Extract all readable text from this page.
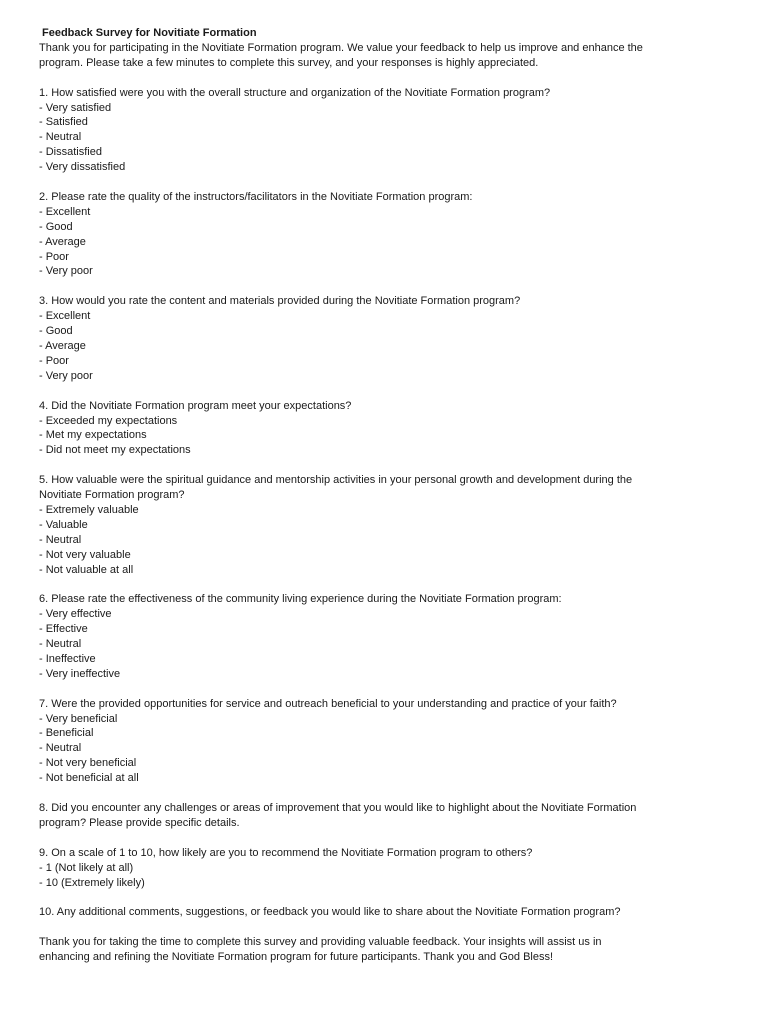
Feedback Survey for Novitiate Formation
Thank you for participating in the Novitiate Formation program. We value your feedback to help us improve and enhance the
program. Please take a few minutes to complete this survey, and your responses is highly appreciated.
1. How satisfied were you with the overall structure and organization of the Novitiate Formation program?
- Very satisfied
- Satisfied
- Neutral
- Dissatisfied
- Very dissatisfied
2. Please rate the quality of the instructors/facilitators in the Novitiate Formation program:
- Excellent
- Good
- Average
- Poor
- Very poor
3. How would you rate the content and materials provided during the Novitiate Formation program?
- Excellent
- Good
- Average
- Poor
- Very poor
4. Did the Novitiate Formation program meet your expectations?
- Exceeded my expectations
- Met my expectations
- Did not meet my expectations
5. How valuable were the spiritual guidance and mentorship activities in your personal growth and development during the
Novitiate Formation program?
- Extremely valuable
- Valuable
- Neutral
- Not very valuable
- Not valuable at all
6. Please rate the effectiveness of the community living experience during the Novitiate Formation program:
- Very effective
- Effective
- Neutral
- Ineffective
- Very ineffective
7. Were the provided opportunities for service and outreach beneficial to your understanding and practice of your faith?
- Very beneficial
- Beneficial
- Neutral
- Not very beneficial
- Not beneficial at all
8. Did you encounter any challenges or areas of improvement that you would like to highlight about the Novitiate Formation
program? Please provide specific details.
9. On a scale of 1 to 10, how likely are you to recommend the Novitiate Formation program to others?
- 1 (Not likely at all)
- 10 (Extremely likely)
10. Any additional comments, suggestions, or feedback you would like to share about the Novitiate Formation program?
Thank you for taking the time to complete this survey and providing valuable feedback. Your insights will assist us in
enhancing and refining the Novitiate Formation program for future participants. Thank you and God Bless!
